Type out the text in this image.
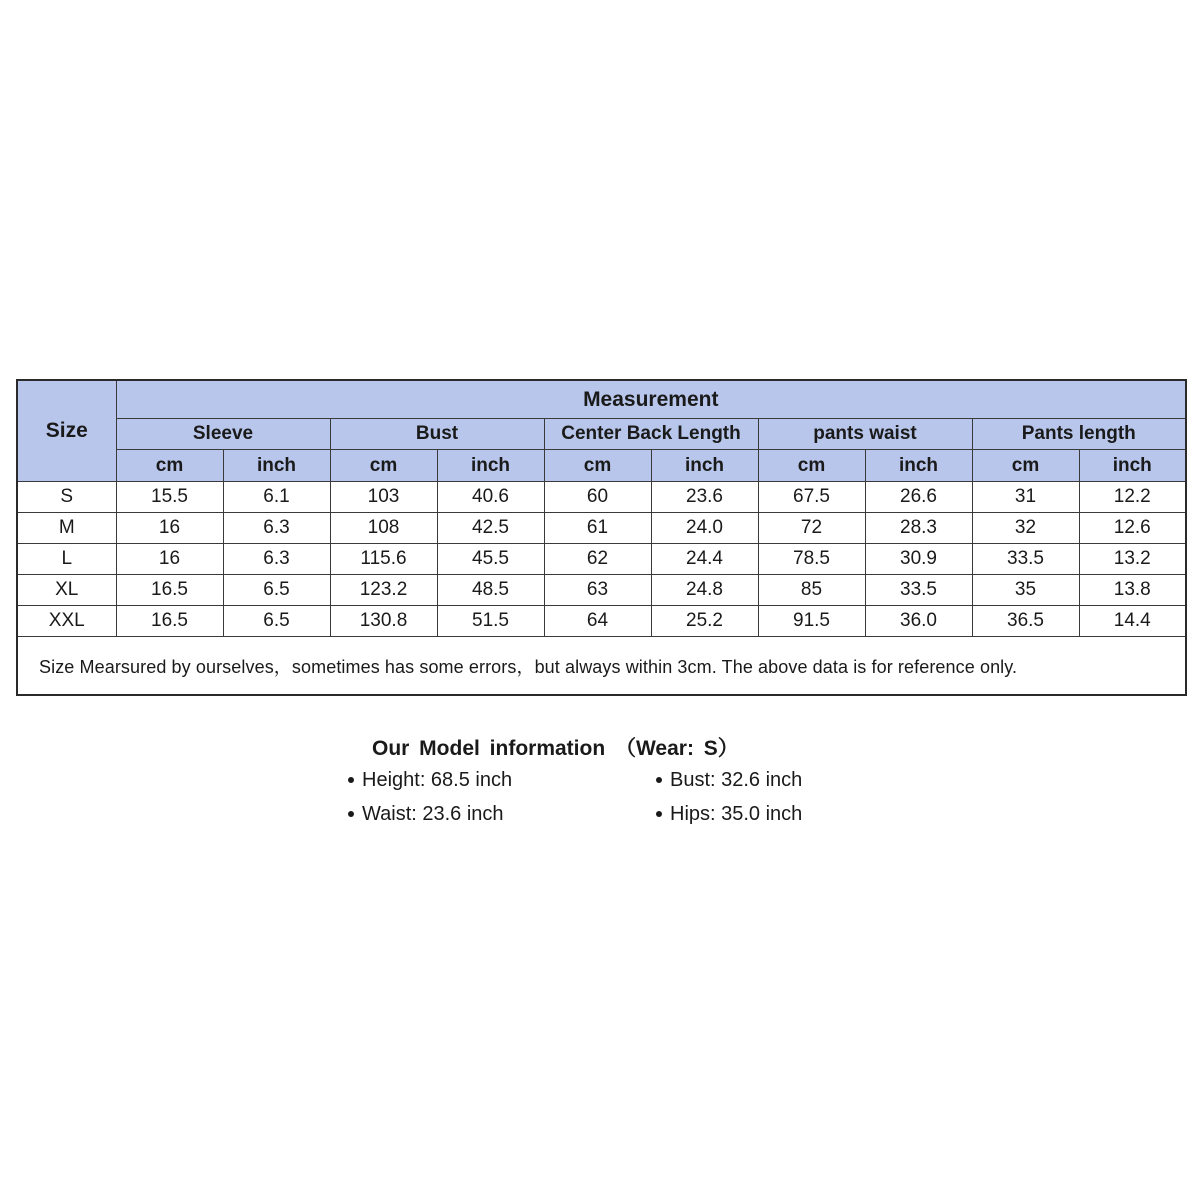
Size	Measurement									
	Sleeve		Bust		Center Back Length		pants waist		Pants length	
	cm	inch	cm	inch	cm	inch	cm	inch	cm	inch
S	15.5	6.1	103	40.6	60	23.6	67.5	26.6	31	12.2
M	16	6.3	108	42.5	61	24.0	72	28.3	32	12.6
L	16	6.3	115.6	45.5	62	24.4	78.5	30.9	33.5	13.2
XL	16.5	6.5	123.2	48.5	63	24.8	85	33.5	35	13.8
XXL	16.5	6.5	130.8	51.5	64	25.2	91.5	36.0	36.5	14.4
Size Mearsured by ourselves，sometimes has some errors，but always within 3cm. The above data is for reference only.										
Our Model information （Wear: S）
Height: 68.5 inch	Bust: 32.6 inch
Waist: 23.6 inch	Hips: 35.0 inch
